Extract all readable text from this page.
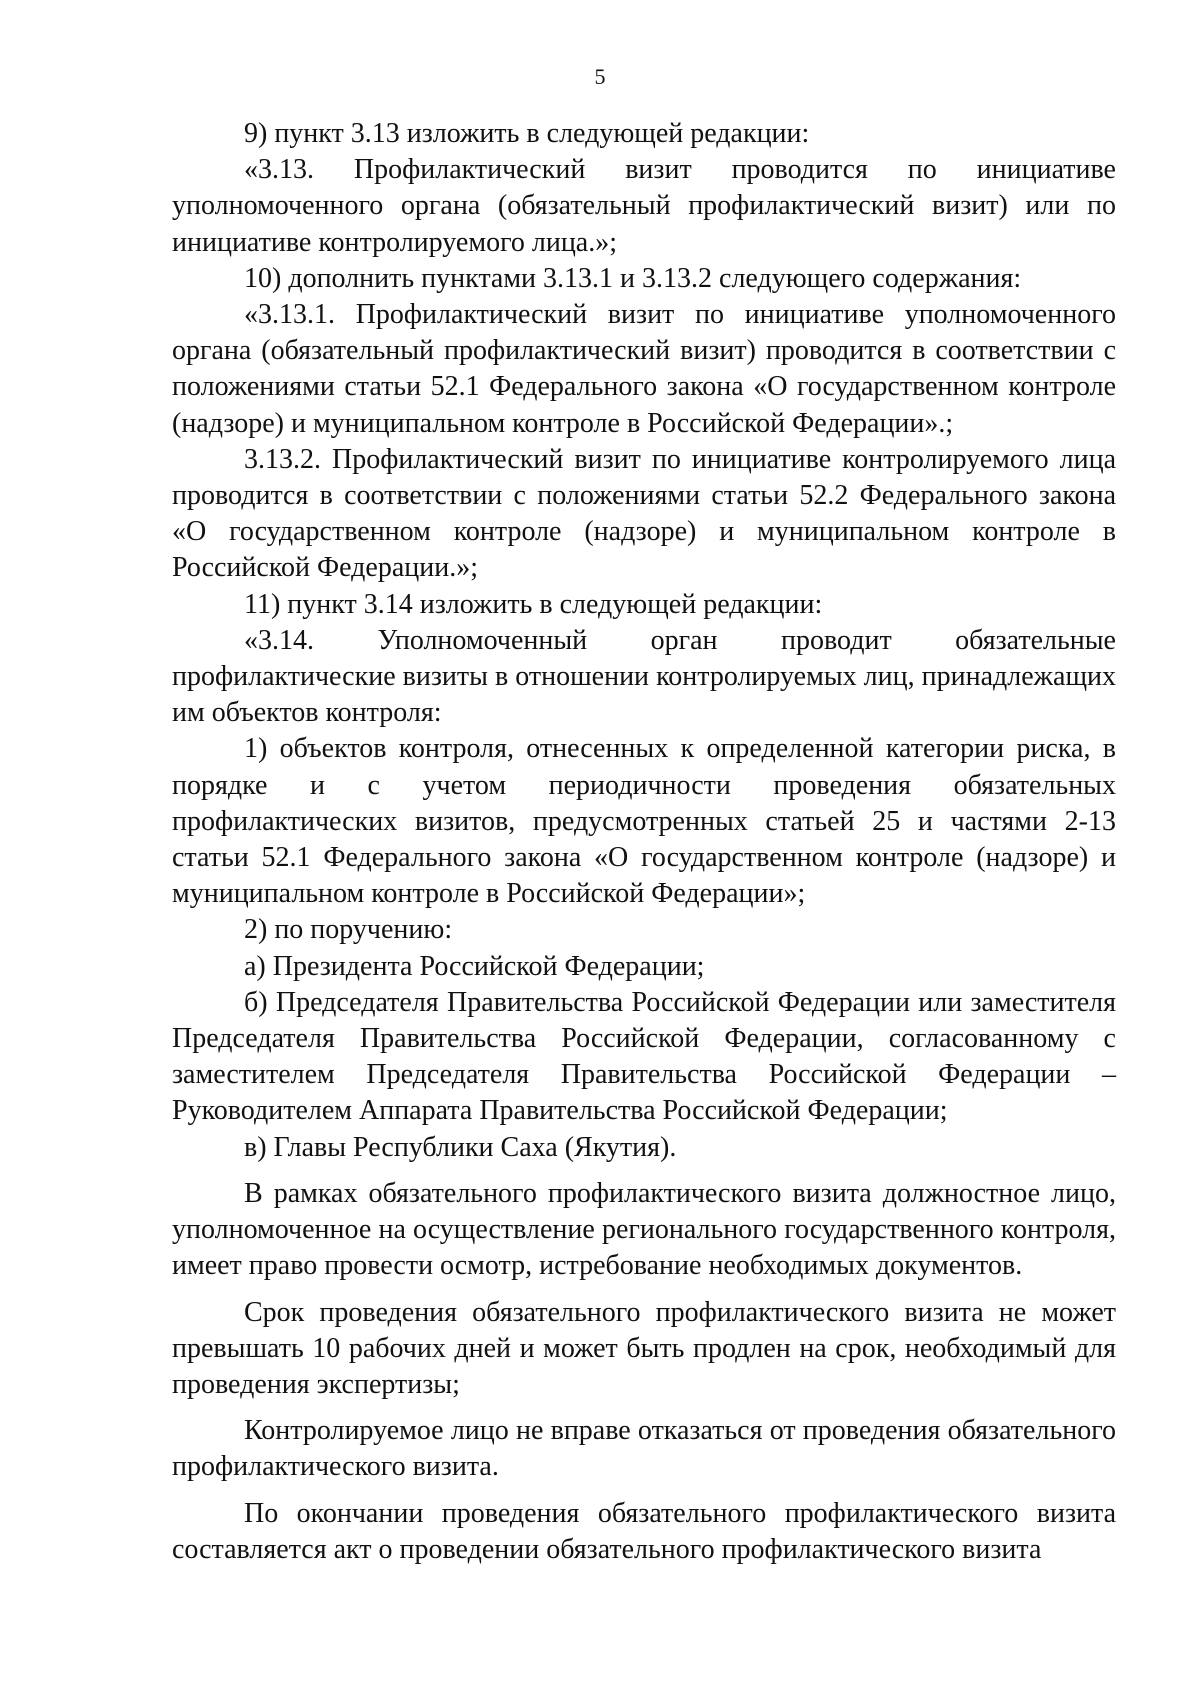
5

9) пункт 3.13 изложить в следующей редакции:

«3.13. Профилактический визит проводится по инициативе уполномоченного органа (обязательный профилактический визит) или по инициативе контролируемого лица.»;

10) дополнить пунктами 3.13.1 и 3.13.2 следующего содержания:

«3.13.1. Профилактический визит по инициативе уполномоченного органа (обязательный профилактический визит) проводится в соответствии с положениями статьи 52.1 Федерального закона «О государственном контроле (надзоре) и муниципальном контроле в Российской Федерации».;

3.13.2. Профилактический визит по инициативе контролируемого лица проводится в соответствии с положениями статьи 52.2 Федерального закона «О государственном контроле (надзоре) и муниципальном контроле в Российской Федерации.»;

11) пункт 3.14 изложить в следующей редакции:

«3.14. Уполномоченный орган проводит обязательные профилактические визиты в отношении контролируемых лиц, принадлежащих им объектов контроля:

1) объектов контроля, отнесенных к определенной категории риска, в порядке и с учетом периодичности проведения обязательных профилактических визитов, предусмотренных статьей 25 и частями 2-13 статьи 52.1 Федерального закона «О государственном контроле (надзоре) и муниципальном контроле в Российской Федерации»;

2) по поручению:

а) Президента Российской Федерации;

б) Председателя Правительства Российской Федерации или заместителя Председателя Правительства Российской Федерации, согласованному с заместителем Председателя Правительства Российской Федерации – Руководителем Аппарата Правительства Российской Федерации;

в) Главы Республики Саха (Якутия).

В рамках обязательного профилактического визита должностное лицо, уполномоченное на осуществление регионального государственного контроля, имеет право провести осмотр, истребование необходимых документов.

Срок проведения обязательного профилактического визита не может превышать 10 рабочих дней и может быть продлен на срок, необходимый для проведения экспертизы;

Контролируемое лицо не вправе отказаться от проведения обязательного профилактического визита.

По окончании проведения обязательного профилактического визита составляется акт о проведении обязательного профилактического визита
